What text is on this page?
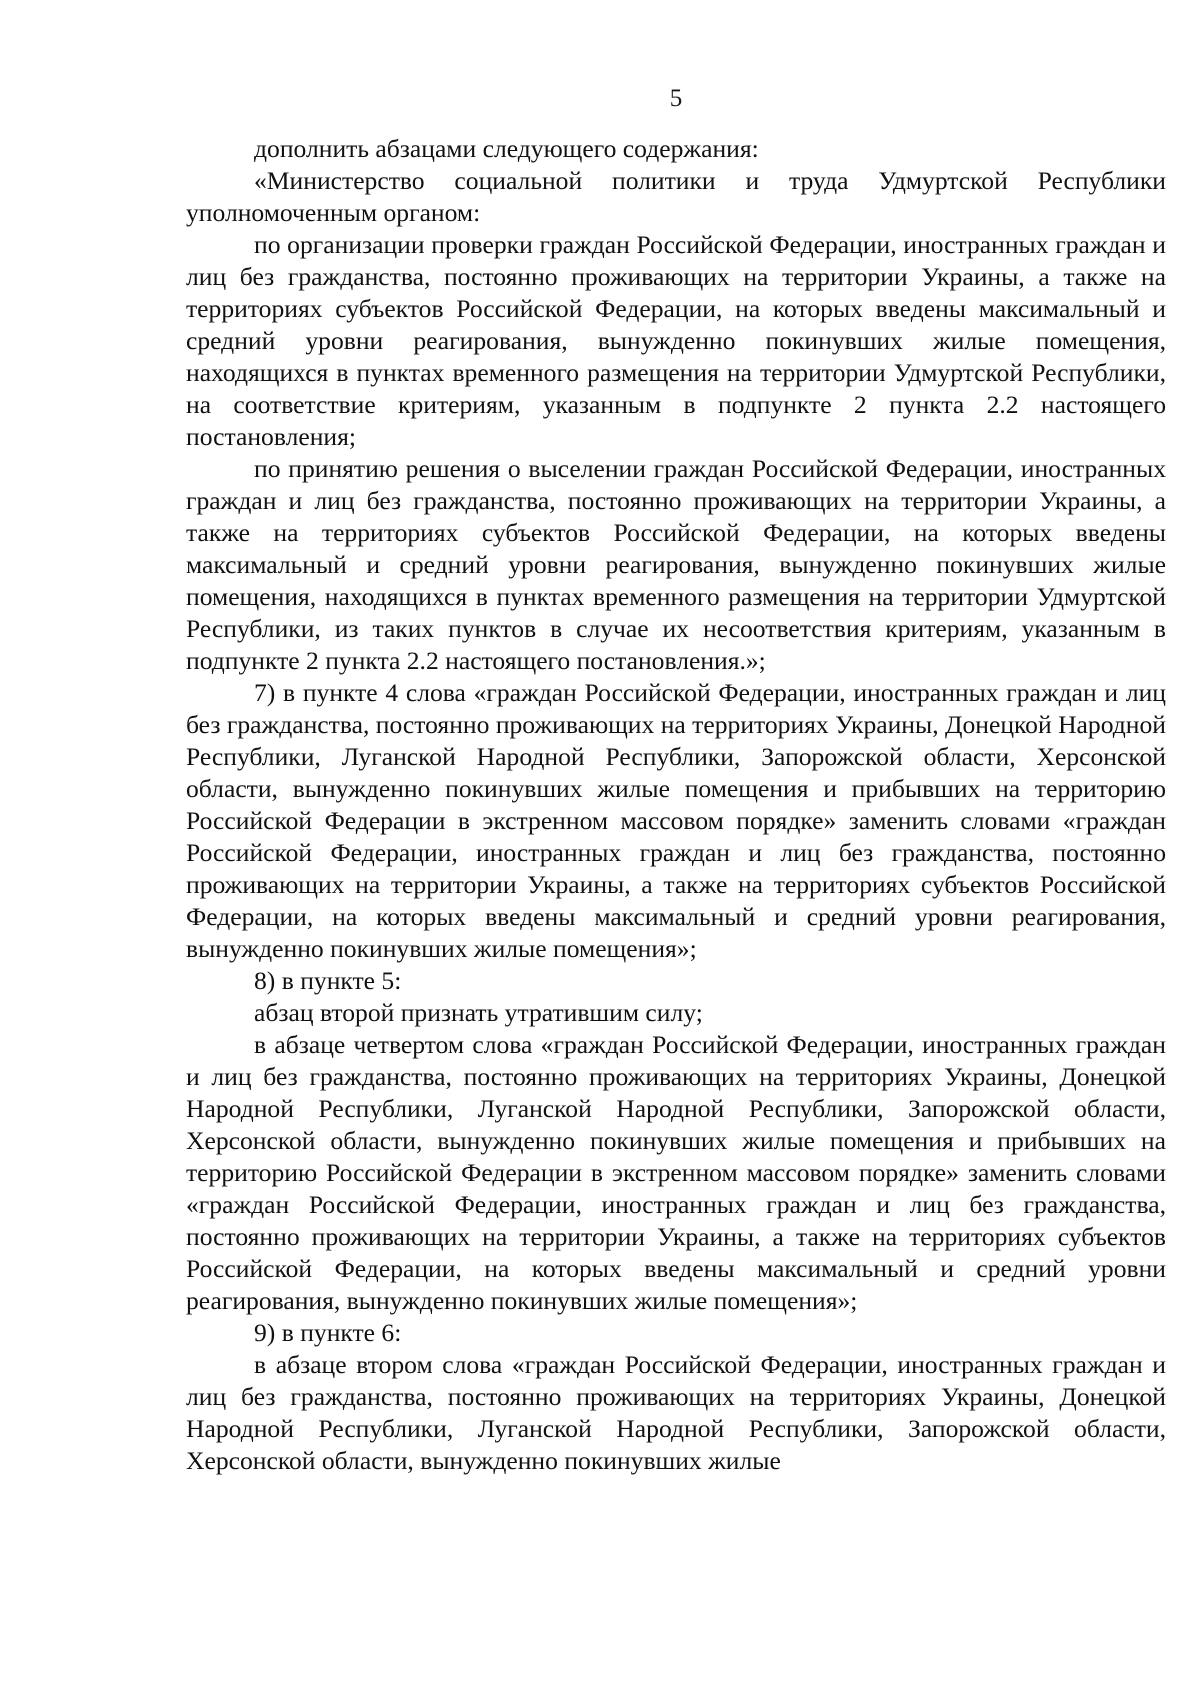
5

дополнить абзацами следующего содержания:

«Министерство социальной политики и труда Удмуртской Республики уполномоченным органом:

по организации проверки граждан Российской Федерации, иностранных граждан и лиц без гражданства, постоянно проживающих на территории Украины, а также на территориях субъектов Российской Федерации, на которых введены максимальный и средний уровни реагирования, вынужденно покинувших жилые помещения, находящихся в пунктах временного размещения на территории Удмуртской Республики, на соответствие критериям, указанным в подпункте 2 пункта 2.2 настоящего постановления;

по принятию решения о выселении граждан Российской Федерации, иностранных граждан и лиц без гражданства, постоянно проживающих на территории Украины, а также на территориях субъектов Российской Федерации, на которых введены максимальный и средний уровни реагирования, вынужденно покинувших жилые помещения, находящихся в пунктах временного размещения на территории Удмуртской Республики, из таких пунктов в случае их несоответствия критериям, указанным в подпункте 2 пункта 2.2 настоящего постановления.»;

7) в пункте 4 слова «граждан Российской Федерации, иностранных граждан и лиц без гражданства, постоянно проживающих на территориях Украины, Донецкой Народной Республики, Луганской Народной Республики, Запорожской области, Херсонской области, вынужденно покинувших жилые помещения и прибывших на территорию Российской Федерации в экстренном массовом порядке» заменить словами «граждан Российской Федерации, иностранных граждан и лиц без гражданства, постоянно проживающих на территории Украины, а также на территориях субъектов Российской Федерации, на которых введены максимальный и средний уровни реагирования, вынужденно покинувших жилые помещения»;

8) в пункте 5:

абзац второй признать утратившим силу;

в абзаце четвертом слова «граждан Российской Федерации, иностранных граждан и лиц без гражданства, постоянно проживающих на территориях Украины, Донецкой Народной Республики, Луганской Народной Республики, Запорожской области, Херсонской области, вынужденно покинувших жилые помещения и прибывших на территорию Российской Федерации в экстренном массовом порядке» заменить словами «граждан Российской Федерации, иностранных граждан и лиц без гражданства, постоянно проживающих на территории Украины, а также на территориях субъектов Российской Федерации, на которых введены максимальный и средний уровни реагирования, вынужденно покинувших жилые помещения»;

9) в пункте 6:

в абзаце втором слова «граждан Российской Федерации, иностранных граждан и лиц без гражданства, постоянно проживающих на территориях Украины, Донецкой Народной Республики, Луганской Народной Республики, Запорожской области, Херсонской области, вынужденно покинувших жилые
